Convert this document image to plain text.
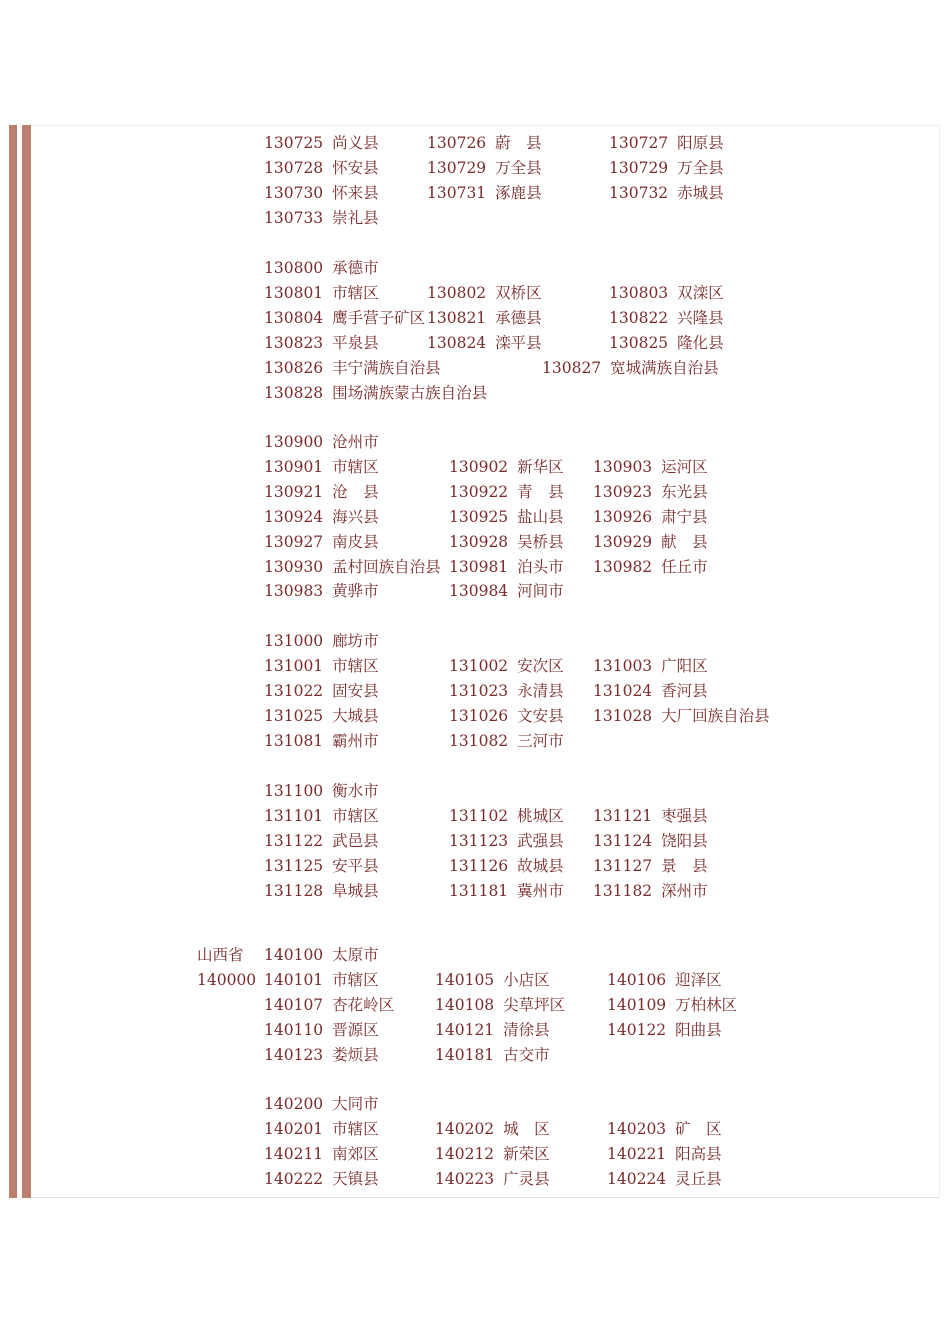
山西省
140000
130725 尚义县	130726 蔚　县	130727 阳原县
130728 怀安县	130729 万全县	130729 万全县
130730 怀来县	130731 涿鹿县	130732 赤城县
130733 崇礼县
130800 承德市
130801 市辖区	130802 双桥区	130803 双滦区
130804 鹰手营子矿区 130821 承德县	130822 兴隆县
130823 平泉县	130824 滦平县	130825 隆化县
130826 丰宁满族自治县	130827 宽城满族自治县
130828 围场满族蒙古族自治县
130900 沧州市
130901 市辖区	130902 新华区 130903 运河区
130921 沧　县	130922 青　县 130923 东光县
130924 海兴县	130925 盐山县 130926 肃宁县
130927 南皮县	130928 吴桥县 130929 献　县
130930 孟村回族自治县 130981 泊头市 130982 任丘市
130983 黄骅市	130984 河间市
131000 廊坊市
131001 市辖区	131002 安次区 131003 广阳区
131022 固安县	131023 永清县 131024 香河县
131025 大城县	131026 文安县 131028 大厂回族自治县
131081 霸州市	131082 三河市
131100 衡水市
131101 市辖区	131102 桃城区 131121 枣强县
131122 武邑县	131123 武强县 131124 饶阳县
131125 安平县	131126 故城县 131127 景　县
131128 阜城县	131181 冀州市 131182 深州市
140100 太原市
140101 市辖区	140105 小店区	140106 迎泽区
140107 杏花岭区	140108 尖草坪区	140109 万柏林区
140110 晋源区	140121 清徐县	140122 阳曲县
140123 娄烦县	140181 古交市
140200 大同市
140201 市辖区	140202 城　区	140203 矿　区
140211 南郊区	140212 新荣区	140221 阳高县
140222 天镇县	140223 广灵县	140224 灵丘县
